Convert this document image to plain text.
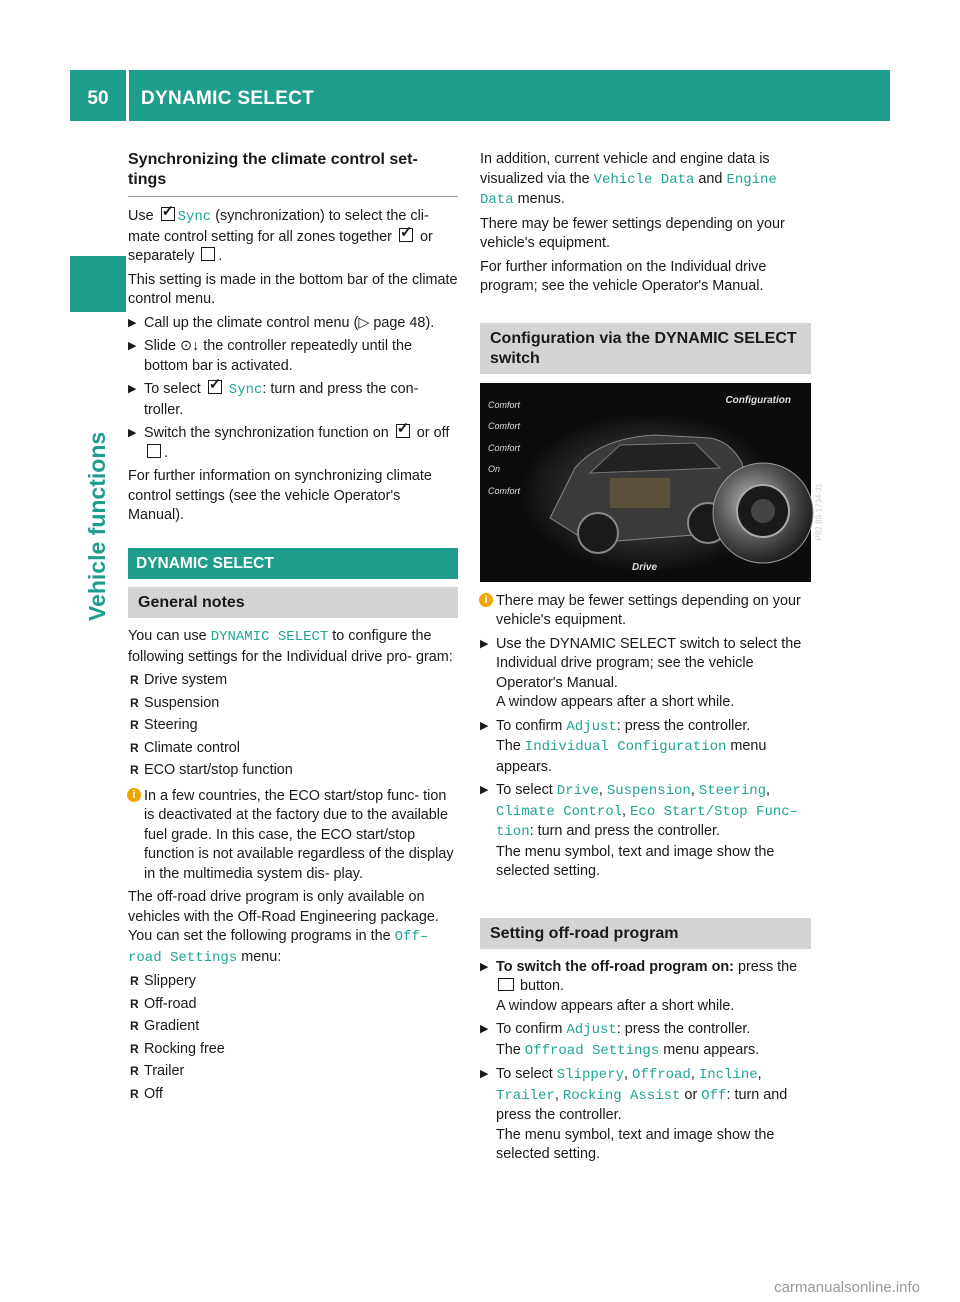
50	DYNAMIC SELECT
Vehicle functions
Synchronizing the climate control set- tings

Use ✓Sync (synchronization) to select the cli- mate control setting for all zones together ✓ or separately .

This setting is made in the bottom bar of the climate control menu.

▶ Call up the climate control menu (▷ page 48).
▶ Slide ⊙↓ the controller repeatedly until the bottom bar is activated.
▶ To select ✓ Sync: turn and press the con- troller.
▶ Switch the synchronization function on ✓ or off .

For further information on synchronizing climate control settings (see the vehicle Operator's Manual).

DYNAMIC SELECT
General notes

You can use DYNAMIC SELECT to configure the following settings for the Individual drive pro- gram:

R Drive system
R Suspension
R Steering
R Climate control
R ECO start/stop function
i In a few countries, the ECO start/stop func- tion is deactivated at the factory due to the available fuel grade. In this case, the ECO start/stop function is not available regardless of the display in the multimedia system dis- play.

The off-road drive program is only available on vehicles with the Off-Road Engineering package.

You can set the following programs in the Off– road Settings menu:

R Slippery
R Off-road
R Gradient
R Rocking free
R Trailer
R Off

In addition, current vehicle and engine data is visualized via the Vehicle Data and Engine Data menus.

There may be fewer settings depending on your vehicle's equipment.

For further information on the Individual drive program; see the vehicle Operator's Manual.

Configuration via the DYNAMIC SELECT switch
Comfort
Comfort
Comfort
On
Comfort
Configuration
Drive
P82.89-1734-31
i There may be fewer settings depending on your vehicle's equipment.
▶ Use the DYNAMIC SELECT switch to select the Individual drive program; see the vehicle Operator's Manual.
A window appears after a short while.
▶ To confirm Adjust: press the controller.
The Individual Configuration menu appears.
▶ To select Drive, Suspension, Steering, Climate Control, Eco Start/Stop Func– tion: turn and press the controller.
The menu symbol, text and image show the selected setting.
Setting off-road program
▶ To switch the off-road program on: press the  button.
A window appears after a short while.
▶ To confirm Adjust: press the controller.
The Offroad Settings menu appears.
▶ To select Slippery, Offroad, Incline, Trailer, Rocking Assist or Off: turn and press the controller.
The menu symbol, text and image show the selected setting.
carmanualsonline.info
